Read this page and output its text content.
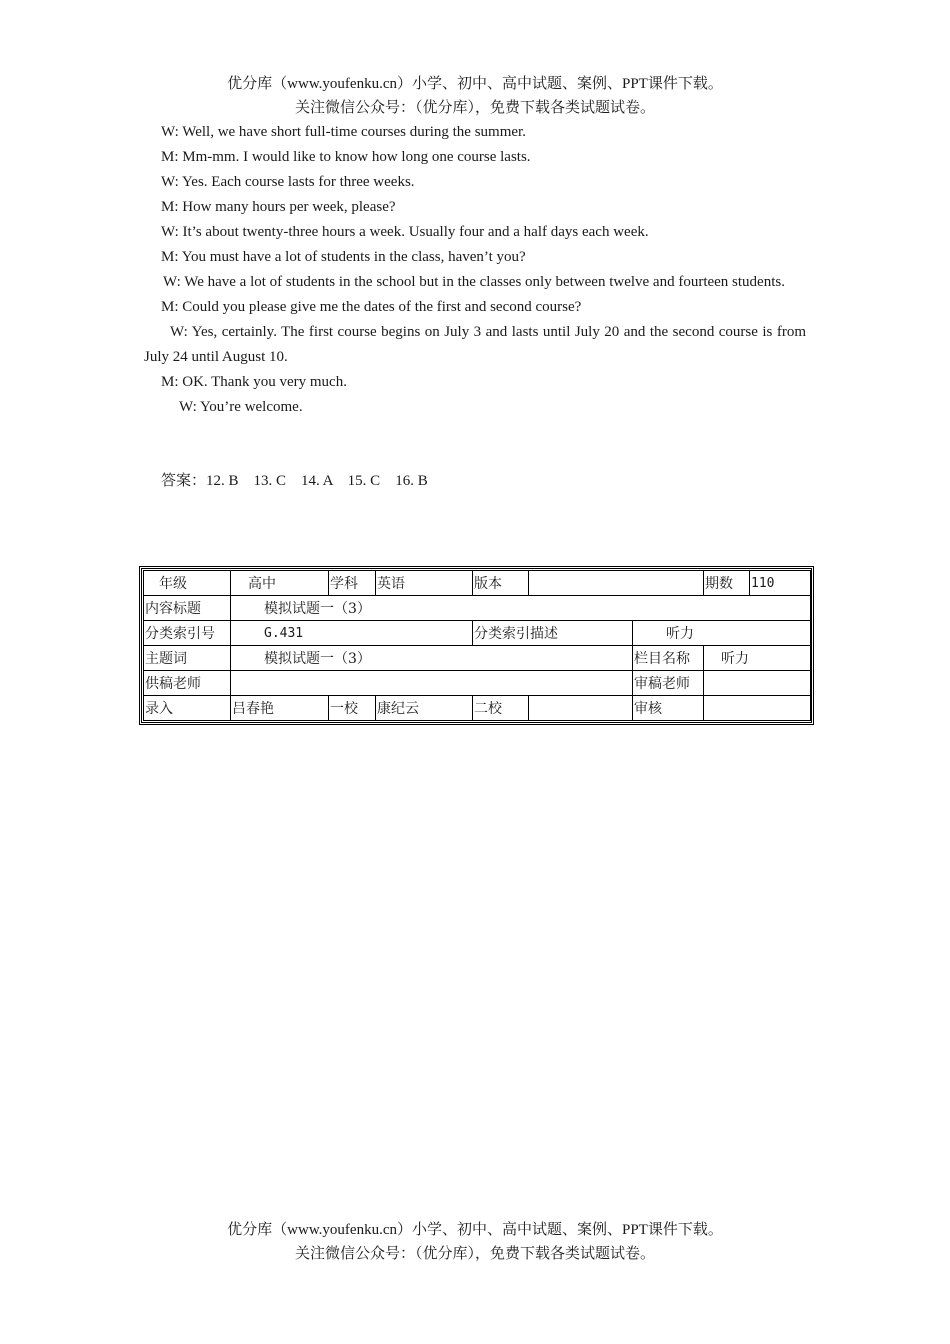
优分库（www.youfenku.cn）小学、初中、高中试题、案例、PPT课件下载。
关注微信公众号：（优分库），免费下载各类试题试卷。

W: Well, we have short full-time courses during the summer.

M: Mm-mm. I would like to know how long one course lasts.

W: Yes. Each course lasts for three weeks.

M: How many hours per week, please?

W: It’s about twenty-three hours a week. Usually four and a half days each week.

M: You must have a lot of students in the class, haven’t you?

W: We have a lot of students in the school but in the classes only between twelve and fourteen students.

M: Could you please give me the dates of the first and second course?

W: Yes, certainly. The first course begins on July 3 and lasts until July 20 and the second course is from July 24 until August 10.

M: OK. Thank you very much.

W: You’re welcome.

答案：12. B    13. C    14. A    15. C    16. B
年级	高中	学科	英语	版本			期数	110
内容标题	模拟试题一（3）							
分类索引号	G.431			分类索引描述		听力		
主题词	模拟试题一（3）					栏目名称	听力	
供稿老师						审稿老师		
录入	吕春艳	一校	康纪云	二校		审核		
优分库（www.youfenku.cn）小学、初中、高中试题、案例、PPT课件下载。
关注微信公众号：（优分库），免费下载各类试题试卷。
